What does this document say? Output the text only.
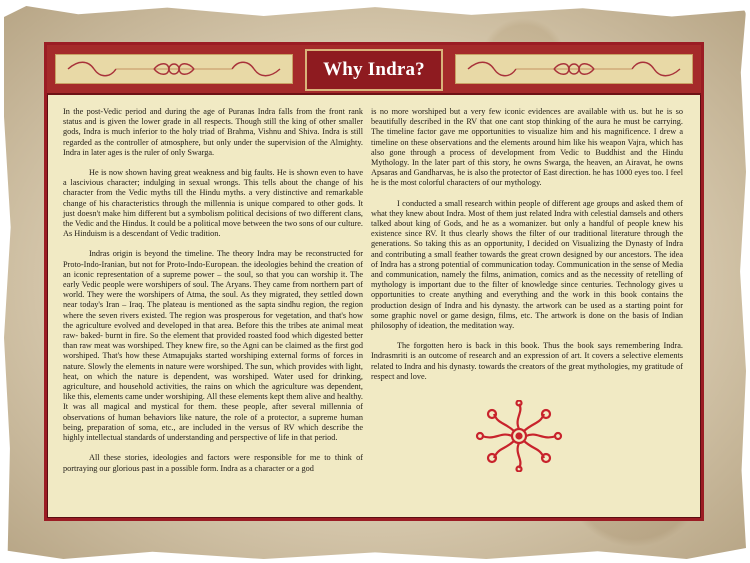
Why Indra?

In the post-Vedic period and during the age of Puranas Indra falls from the front rank status and is given the lower grade in all respects. Though still the king of other smaller gods, Indra is much inferior to the holy triad of Brahma, Vishnu and Shiva. Indra is still regarded as the controller of atmosphere, but only under the supervision of the Almighty. Indra in later ages is the ruler of only Swarga.

He is now shown having great weakness and big faults. He is shown even to have a lascivious character; indulging in sexual wrongs. This tells about the change of his character from the Vedic myths till the Hindu myths. a very distinctive and remarkable change of his characteristics through the millennia is unique compared to other gods. It just doesn't make him different but a symbolism political decisions of two different clans, the Vedic and the Hindus. It could be a political move between the two sons of our culture. As Hinduism is a descendant of Vedic tradition.

Indras origin is beyond the timeline. The theory Indra may be reconstructed for Proto-Indo-Iranian, but not for Proto-Indo-European. the ideologies behind the creation of an iconic representation of a supreme power – the soul, so that you can worship it. The early Vedic people were worshipers of soul. The Aryans. They came from northern part of world. They were the worshipers of Atma, the soul. As they migrated, they settled down near today's Iran – Iraq. The plateau is mentioned as the sapta sindhu region, the region where the seven rivers existed. The region was prosperous for vegetation, and that's how the agriculture evolved and developed in that area. Before this the tribes ate animal meat raw- baked- burnt in fire. So the element that provided roasted food which digested better than raw meat was worshiped. They knew fire, so the Agni can be claimed as the first god worshiped. That's how these Atmapujaks started worshiping external forms of forces in nature. Slowly the elements in nature were worshiped. The sun, which provides with light, heat, on which the nature is dependent, was worshiped. Water used for drinking, agriculture, and household activities, the rains on which the agriculture was dependent, like this, elements came under worshiping. All these elements kept them alive and healthy. It was all magical and mystical for them. these people, after several millennia of observations of human behaviors like nature, the role of a protector, a supreme human being, preparation of soma, etc., are included in the versus of RV which describe the highly intellectual standards of understanding and perspective of life in that period.

All these stories, ideologies and factors were responsible for me to think of portraying our glorious past in a possible form. Indra as a character or a god

is no more worshiped but a very few iconic evidences are available with us. but he is so beautifully described in the RV that one cant stop thinking of the aura he must be carrying. The timeline factor gave me opportunities to visualize him and his magnificence. I drew a timeline on these observations and the elements around him like his weapon Vajra, which has also gone through a process of development from Vedic to Buddhist and the Hindu Mythology. In the later part of this story, he owns Swarga, the heaven, an Airavat, he owns Apsaras and Gandharvas, he is also the protector of East direction. he has 1000 eyes too. I feel he is the most colorful characters of our mythology.

I conducted a small research within people of different age groups and asked them of what they knew about Indra. Most of them just related Indra with celestial damsels and others talked about king of Gods, and he as a womanizer. but only a handful of people knew his existence since RV. It thus clearly shows the filter of our traditional literature through the generations. So taking this as an opportunity, I decided on Visualizing the Dynasty of Indra and contributing a small feather towards the great crown designed by our ancestors. The idea of Indra has a strong potential of communication today. Communication in the sense of Media and communication, namely the films, animation, comics and as the necessity of retelling of mythology is important due to the filter of knowledge since centuries. Technology gives u opportunities to create anything and everything and the work in this book contains the production design of Indra and his dynasty. the artwork can be used as a starting point for some graphic novel or game design, films, etc. The artwork is done on the basis of Indian philosophy of ideation, the meditation way.

The forgotten hero is back in this book. Thus the book says remembering Indra. Indrasmriti is an outcome of research and an expression of art. It covers a selective elements related to Indra and his dynasty. towards the creators of the great mythologies, my gratitude of respect and love.
